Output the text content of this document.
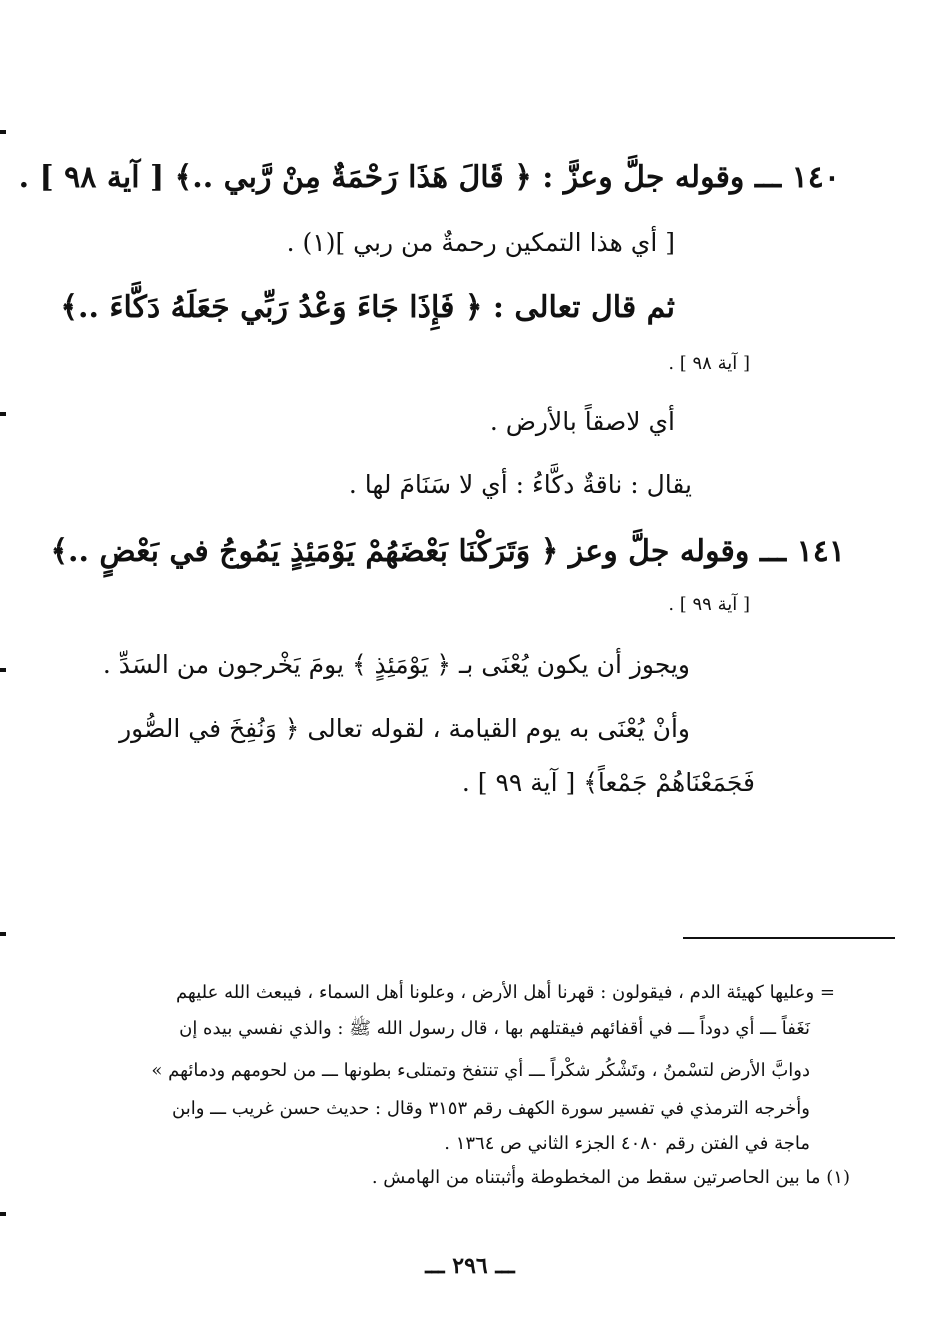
١٤٠ ـــ وقوله جلَّ وعزَّ : ﴿ قَالَ هَذَا رَحْمَةٌ مِنْ رَّبي ..﴾ [ آية ٩٨ ] .
[ أي هذا التمكين رحمةٌ من ربي ](١) .
ثم قال تعالى : ﴿ فَإِذَا جَاءَ وَعْدُ رَبِّي جَعَلَهُ دَكَّاءَ ..﴾
[ آية ٩٨ ] .
أي لاصقاً بالأرض .
يقال : ناقةٌ دكَّاءُ : أي لا سَنَامَ لها .
١٤١ ـــ وقوله جلَّ وعز ﴿ وَتَرَكْنَا بَعْضَهُمْ يَوْمَئِذٍ يَمُوجُ في بَعْضٍ ..﴾
[ آية ٩٩ ] .
ويجوز أن يكون يُعْنَى بـ ﴿ يَوْمَئِذٍ ﴾ يومَ يَخْرجون من السَدِّ .
وأنْ يُعْنَى به يوم القيامة ، لقوله تعالى ﴿ وَنُفِخَ في الصُّور
فَجَمَعْنَاهُمْ جَمْعاً﴾ [ آية ٩٩ ] .
= وعليها كهيئة الدم ، فيقولون : قهرنا أهل الأرض ، وعلونا أهل السماء ، فيبعث الله عليهم
نَغَفاً ـــ أي دوداً ـــ في أقفائهم فيقتلهم بها ، قال رسول الله ﷺ : والذي نفسي بيده إن
دوابَّ الأرض لتسْمنُ ، وتَشْكُر شكْراً ـــ أي تنتفخ وتمتلىء بطونها ـــ من لحومهم ودمائهم »
وأخرجه الترمذي في تفسير سورة الكهف رقم ٣١٥٣ وقال : حديث حسن غريب ـــ وابن
ماجة في الفتن رقم ٤٠٨٠ الجزء الثاني ص ١٣٦٤ .
(١) ما بين الحاصرتين سقط من المخطوطة وأثبتناه من الهامش .
ـــ ٢٩٦ ـــ
